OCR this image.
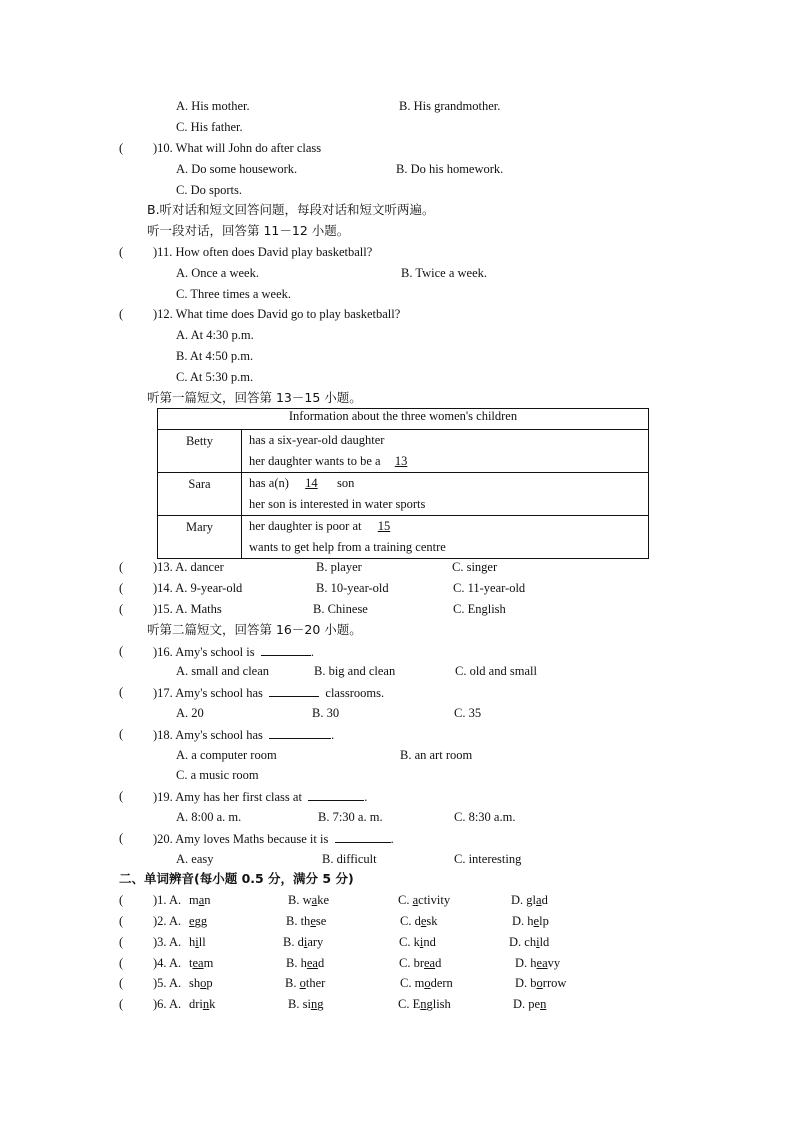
A. His mother.	B. His grandmother.
C. His father.
( )10. What will John do after class
A. Do some housework.	B. Do his homework.
C. Do sports.
B.听对话和短文回答问题，每段对话和短文听两遍。
听一段对话，回答第 11－12 小题。
( )11. How often does David play basketball?
A. Once a week.	B. Twice a week.
C. Three times a week.
( )12. What time does David go to play basketball?
A. At 4:30 p.m.
B. At 4:50 p.m.
C. At 5:30 p.m.
听第一篇短文，回答第 13－15 小题。
Information about the three women's children	
Betty	has a six-year-old daughter
her daughter wants to be a 13

Sara	has a(n) 14 son
her son is interested in water sports

Mary	her daughter is poor at 15
wants to get help from a training centre
( )13. A. dancer	B. player	C. singer
( )14. A. 9-year-old	B. 10-year-old	C. 11-year-old
( )15. A. Maths	B. Chinese	C. English
听第二篇短文，回答第 16－20 小题。
( )16. Amy's school is	.
A. small and clean	B. big and clean	C. old and small
( )17. Amy's school has	classrooms.
A. 20	B. 30	C. 35
( )18. Amy's school has	.
A. a computer room	B. an art room
C. a music room
( )19. Amy has her first class at	.
A. 8:00 a. m.	B. 7:30 a. m.	C. 8:30 a.m.
( )20. Amy loves Maths because it is	.
A. easy	B. difficult	C. interesting
二、单词辨音(每小题 0.5 分，满分 5 分)
( )1. A. man	B. wake	C. activity	D. glad
( )2. A. egg	B. these	C. desk	D. help
( )3. A. hill	B. diary	C. kind	D. child
( )4. A. team	B. head	C. bread	D. heavy
( )5. A. shop	B. other	C. modern	D. borrow
( )6. A. drink	B. sing	C. English	D. pen
